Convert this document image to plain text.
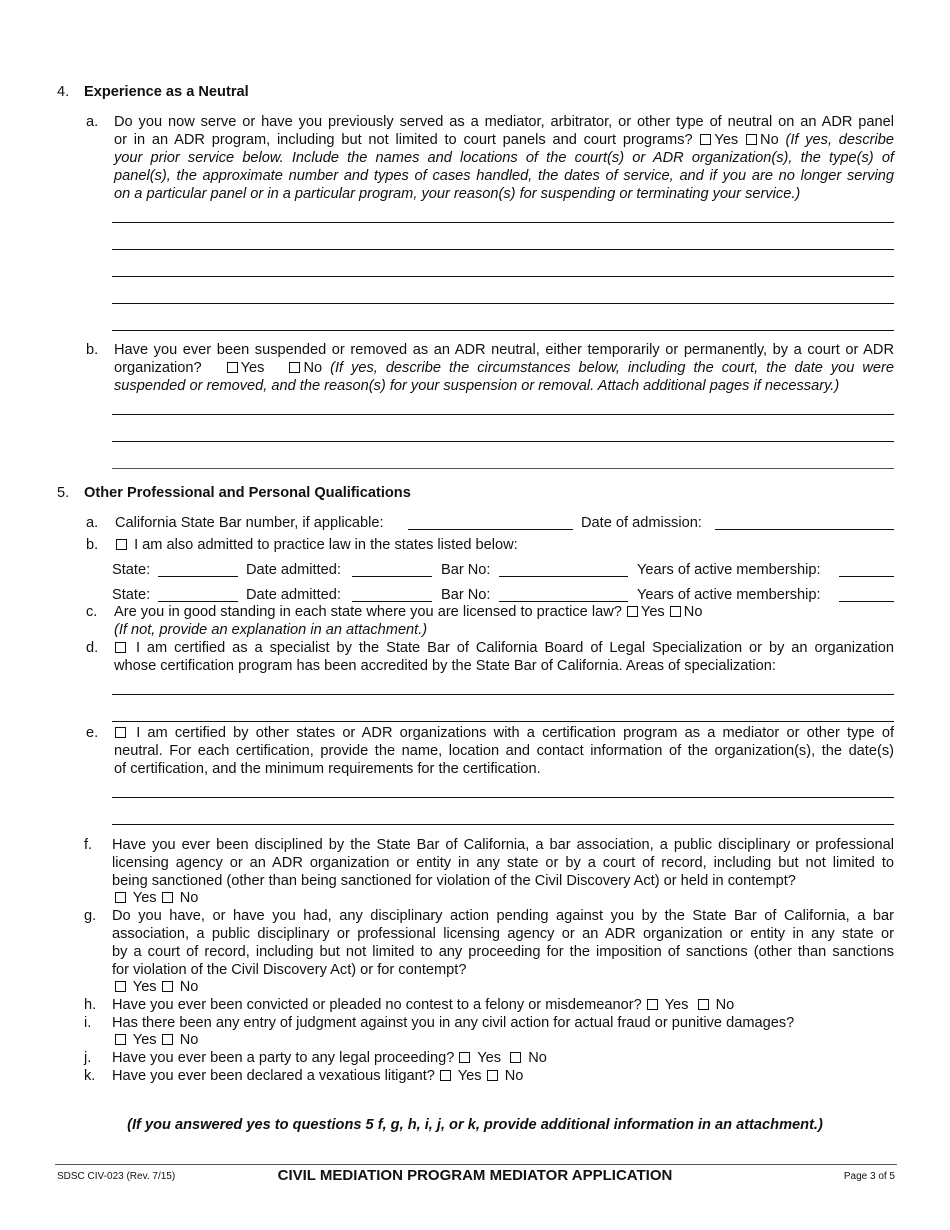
4. Experience as a Neutral
a. Do you now serve or have you previously served as a mediator, arbitrator, or other type of neutral on an ADR panel
or in an ADR program, including but not limited to court panels and court programs? Yes No (If yes, describe
your prior service below. Include the names and locations of the court(s) or ADR organization(s), the type(s) of
panel(s), the approximate number and types of cases handled, the dates of service, and if you are no longer serving
on a particular panel or in a particular program, your reason(s) for suspending or terminating your service.)
b. Have you ever been suspended or removed as an ADR neutral, either temporarily or permanently, by a court or ADR
organization?	Yes	No (If yes, describe the circumstances below, including the court, the date you were
suspended or removed, and the reason(s) for your suspension or removal. Attach additional pages if necessary.)
5. Other Professional and Personal Qualifications
a. California State Bar number, if applicable:	Date of admission:
b.	I am also admitted to practice law in the states listed below:
State:	Date admitted:	Bar No:	Years of active membership:
State:	Date admitted:	Bar No:	Years of active membership:
c. Are you in good standing in each state where you are licensed to practice law? Yes No
(If not, provide an explanation in an attachment.)
d.	I am certified as a specialist by the State Bar of California Board of Legal Specialization or by an organization
whose certification program has been accredited by the State Bar of California. Areas of specialization:
e.	I am certified by other states or ADR organizations with a certification program as a mediator or other type of
neutral. For each certification, provide the name, location and contact information of the organization(s), the date(s)
of certification, and the minimum requirements for the certification.
f. Have you ever been disciplined by the State Bar of California, a bar association, a public disciplinary or professional
licensing agency or an ADR organization or entity in any state or by a court of record, including but not limited to
being sanctioned (other than being sanctioned for violation of the Civil Discovery Act) or held in contempt?
Yes No
g. Do you have, or have you had, any disciplinary action pending against you by the State Bar of California, a bar
association, a public disciplinary or professional licensing agency or an ADR organization or entity in any state or
by a court of record, including but not limited to any proceeding for the imposition of sanctions (other than sanctions
for violation of the Civil Discovery Act) or for contempt?
Yes No
h. Have you ever been convicted or pleaded no contest to a felony or misdemeanor? Yes No
i. Has there been any entry of judgment against you in any civil action for actual fraud or punitive damages?
Yes No
j. Have you ever been a party to any legal proceeding? Yes No
k. Have you ever been declared a vexatious litigant? Yes No
(If you answered yes to questions 5 f, g, h, i, j, or k, provide additional information in an attachment.)
SDSC CIV-023 (Rev. 7/15)	CIVIL MEDIATION PROGRAM MEDIATOR APPLICATION	Page 3 of 5
